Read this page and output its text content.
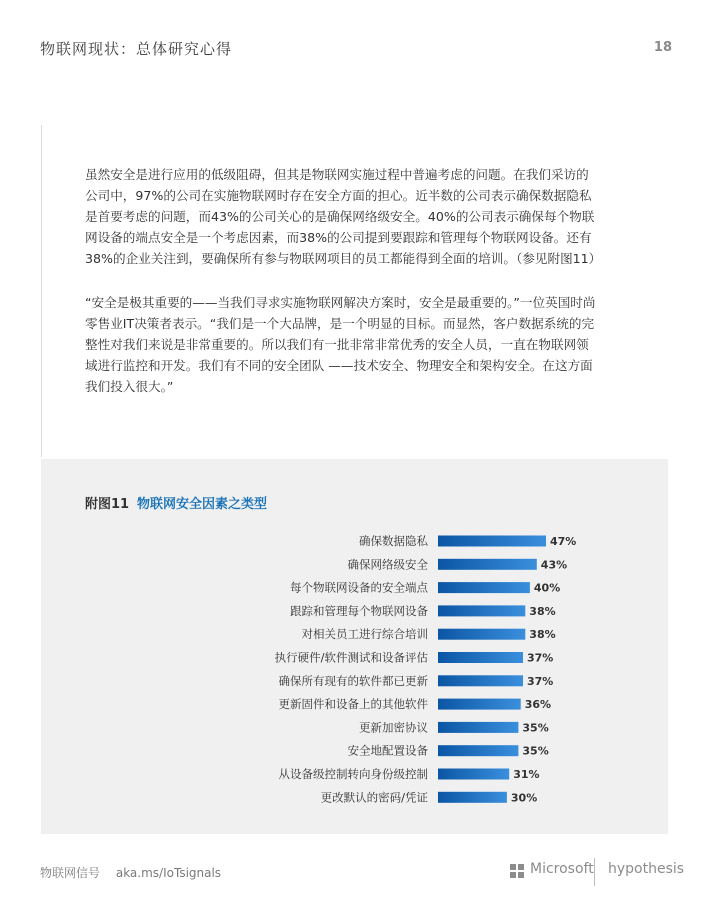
物联网现状：总体研究心得	18

虽然安全是进行应用的低级阻碍，但其是物联网实施过程中普遍考虑的问题。在我们采访的公司中，97%的公司在实施物联网时存在安全方面的担心。近半数的公司表示确保数据隐私是首要考虑的问题，而43%的公司关心的是确保网络级安全。40%的公司表示确保每个物联网设备的端点安全是一个考虑因素，而38%的公司提到要跟踪和管理每个物联网设备。还有38%的企业关注到，要确保所有参与物联网项目的员工都能得到全面的培训。（参见附图11）

“安全是极其重要的——当我们寻求实施物联网解决方案时，安全是最重要的。”一位英国时尚零售业IT决策者表示。“我们是一个大品牌，是一个明显的目标。而显然，客户数据系统的完整性对我们来说是非常重要的。所以我们有一批非常非常优秀的安全人员，一直在物联网领域进行监控和开发。我们有不同的安全团队 ——技术安全、物理安全和架构安全。在这方面我们投入很大。”

附图11 物联网安全因素之类型
确保数据隐私	47%
确保网络级安全	43%
每个物联网设备的安全端点	40%
跟踪和管理每个物联网设备	38%
对相关员工进行综合培训	38%
执行硬件/软件测试和设备评估	37%
确保所有现有的软件都已更新	37%
更新固件和设备上的其他软件	36%
更新加密协议	35%
安全地配置设备	35%
从设备级控制转向身份级控制	31%
更改默认的密码/凭证	30%
物联网信号 aka.ms/IoTsignals	Microsoft hypothesis
